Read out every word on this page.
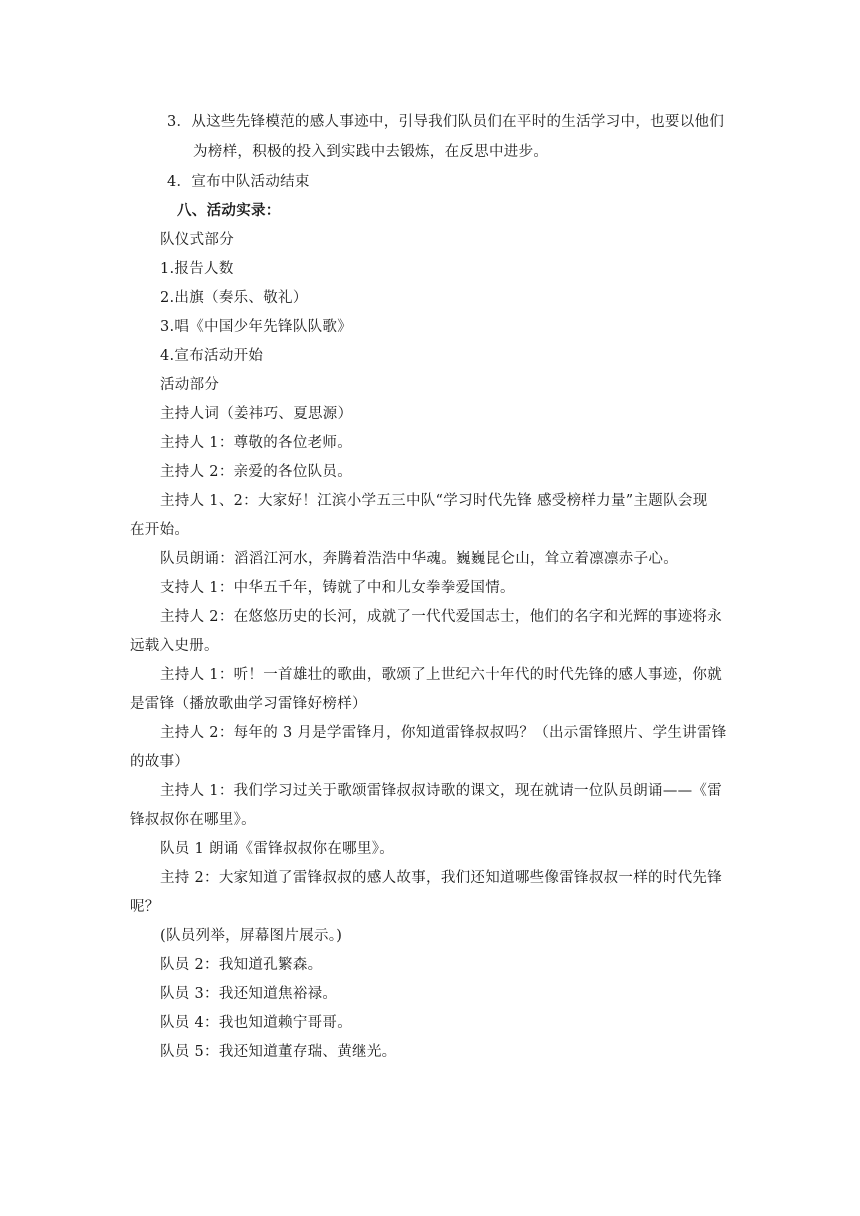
3．从这些先锋模范的感人事迹中，引导我们队员们在平时的生活学习中，也要以他们
为榜样，积极的投入到实践中去锻炼，在反思中进步。
4．宣布中队活动结束
八、活动实录：
队仪式部分
1.报告人数
2.出旗（奏乐、敬礼）
3.唱《中国少年先锋队队歌》
4.宣布活动开始
活动部分
主持人词（姜祎巧、夏思源）
主持人 1：尊敬的各位老师。
主持人 2：亲爱的各位队员。
主持人 1、2：大家好！江滨小学五三中队“学习时代先锋 感受榜样力量”主题队会现
在开始。
队员朗诵：滔滔江河水，奔腾着浩浩中华魂。巍巍昆仑山，耸立着凛凛赤子心。
支持人 1：中华五千年，铸就了中和儿女拳拳爱国情。
主持人 2：在悠悠历史的长河，成就了一代代爱国志士，他们的名字和光辉的事迹将永
远载入史册。
主持人 1：听！一首雄壮的歌曲，歌颂了上世纪六十年代的时代先锋的感人事迹，你就
是雷锋（播放歌曲学习雷锋好榜样）
主持人 2：每年的 3 月是学雷锋月，你知道雷锋叔叔吗？（出示雷锋照片、学生讲雷锋
的故事）
主持人 1：我们学习过关于歌颂雷锋叔叔诗歌的课文，现在就请一位队员朗诵——《雷
锋叔叔你在哪里》。
队员 1 朗诵《雷锋叔叔你在哪里》。
主持 2：大家知道了雷锋叔叔的感人故事，我们还知道哪些像雷锋叔叔一样的时代先锋
呢？
(队员列举，屏幕图片展示。)
队员 2：我知道孔繁森。
队员 3：我还知道焦裕禄。
队员 4：我也知道赖宁哥哥。
队员 5：我还知道董存瑞、黄继光。
